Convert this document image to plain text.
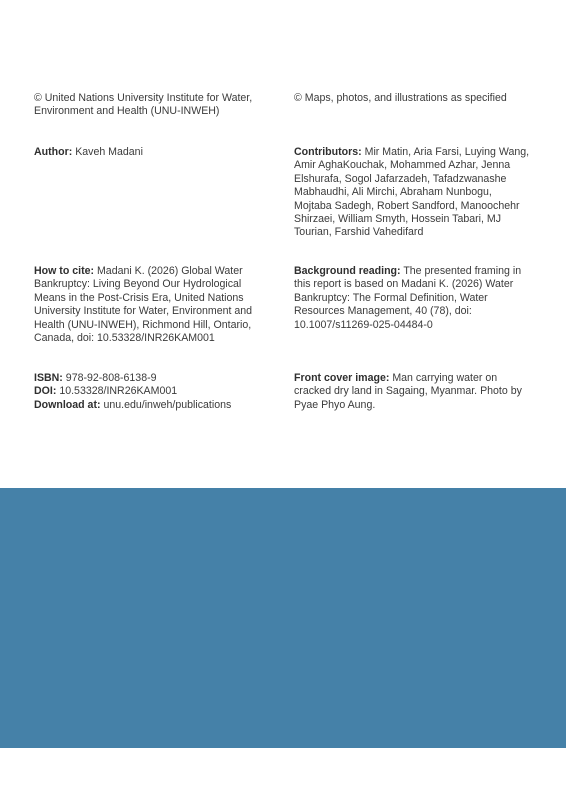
© United Nations University Institute for Water, Environment and Health (UNU-INWEH)

Author: Kaveh Madani

How to cite: Madani K. (2026) Global Water Bankruptcy: Living Beyond Our Hydrological Means in the Post-Crisis Era, United Nations University Institute for Water, Environment and Health (UNU-INWEH), Richmond Hill, Ontario, Canada, doi: 10.53328/INR26KAM001

ISBN: 978-92-808-6138-9

DOI: 10.53328/INR26KAM001

Download at: unu.edu/inweh/publications

© Maps, photos, and illustrations as specified

Contributors: Mir Matin, Aria Farsi, Luying Wang, Amir AghaKouchak, Mohammed Azhar, Jenna Elshurafa, Sogol Jafarzadeh, Tafadzwanashe Mabhaudhi, Ali Mirchi, Abraham Nunbogu, Mojtaba Sadegh, Robert Sandford, Manoochehr Shirzaei, William Smyth, Hossein Tabari, MJ Tourian, Farshid Vahedifard

Background reading: The presented framing in this report is based on Madani K. (2026) Water Bankruptcy: The Formal Definition, Water Resources Management, 40 (78), doi: 10.1007/s11269-025-04484-0

Front cover image: Man carrying water on cracked dry land in Sagaing, Myanmar. Photo by Pyae Phyo Aung.
